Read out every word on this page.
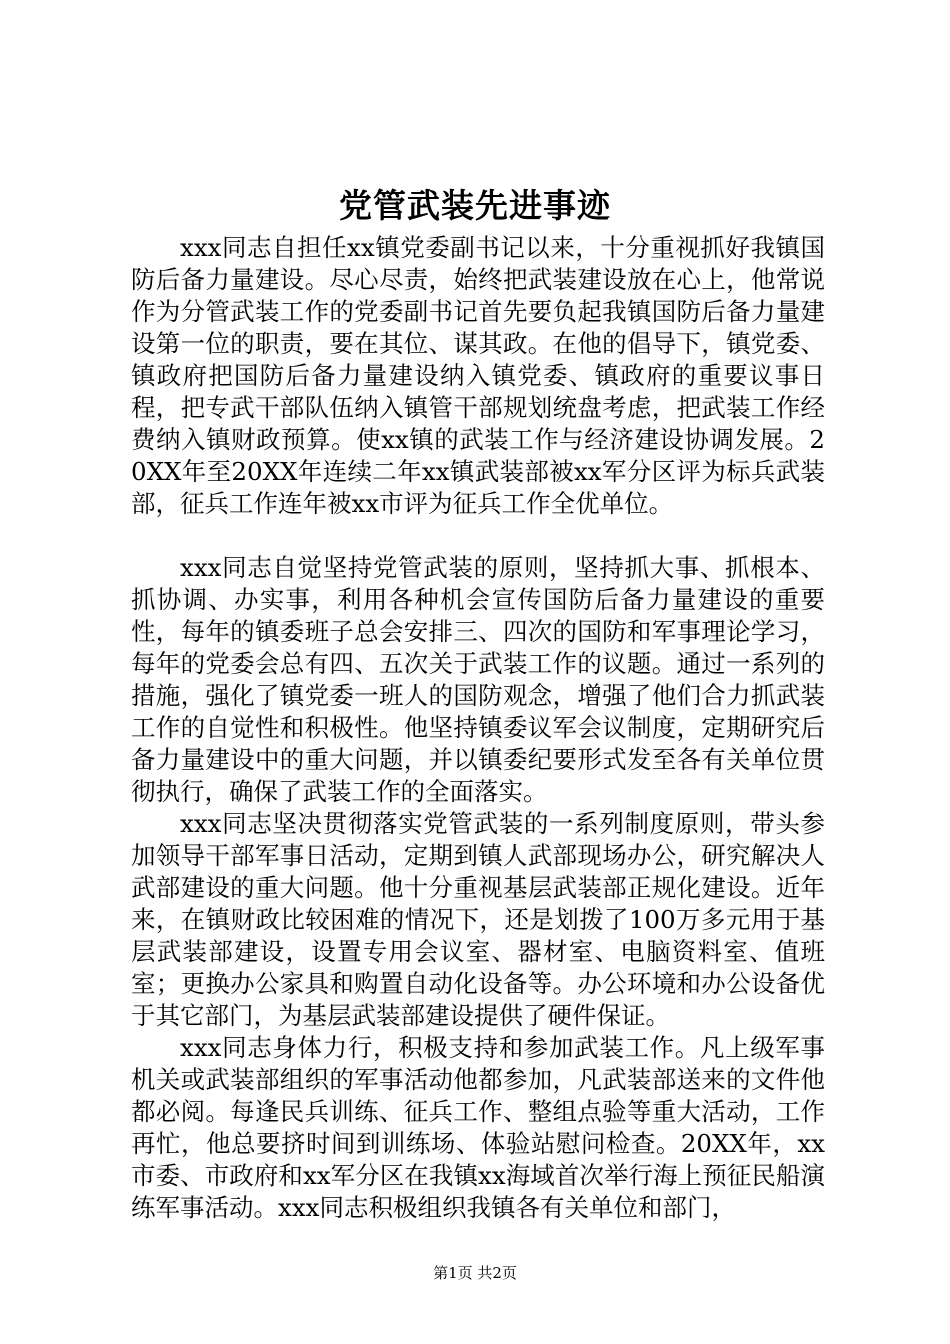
党管武装先进事迹

xxx同志自担任xx镇党委副书记以来，十分重视抓好我镇国防后备力量建设。尽心尽责，始终把武装建设放在心上，他常说作为分管武装工作的党委副书记首先要负起我镇国防后备力量建设第一位的职责，要在其位、谋其政。在他的倡导下，镇党委、镇政府把国防后备力量建设纳入镇党委、镇政府的重要议事日程，把专武干部队伍纳入镇管干部规划统盘考虑，把武装工作经费纳入镇财政预算。使xx镇的武装工作与经济建设协调发展。20XX年至20XX年连续二年xx镇武装部被xx军分区评为标兵武装部，征兵工作连年被xx市评为征兵工作全优单位。

xxx同志自觉坚持党管武装的原则，坚持抓大事、抓根本、抓协调、办实事，利用各种机会宣传国防后备力量建设的重要性，每年的镇委班子总会安排三、四次的国防和军事理论学习，每年的党委会总有四、五次关于武装工作的议题。通过一系列的措施，强化了镇党委一班人的国防观念，增强了他们合力抓武装工作的自觉性和积极性。他坚持镇委议军会议制度，定期研究后备力量建设中的重大问题，并以镇委纪要形式发至各有关单位贯彻执行，确保了武装工作的全面落实。

xxx同志坚决贯彻落实党管武装的一系列制度原则，带头参加领导干部军事日活动，定期到镇人武部现场办公，研究解决人武部建设的重大问题。他十分重视基层武装部正规化建设。近年来，在镇财政比较困难的情况下，还是划拨了100万多元用于基层武装部建设，设置专用会议室、器材室、电脑资料室、值班室；更换办公家具和购置自动化设备等。办公环境和办公设备优于其它部门，为基层武装部建设提供了硬件保证。

xxx同志身体力行，积极支持和参加武装工作。凡上级军事机关或武装部组织的军事活动他都参加，凡武装部送来的文件他都必阅。每逢民兵训练、征兵工作、整组点验等重大活动，工作再忙，他总要挤时间到训练场、体验站慰问检查。20XX年，xx市委、市政府和xx军分区在我镇xx海域首次举行海上预征民船演练军事活动。xxx同志积极组织我镇各有关单位和部门，

第1页 共2页
